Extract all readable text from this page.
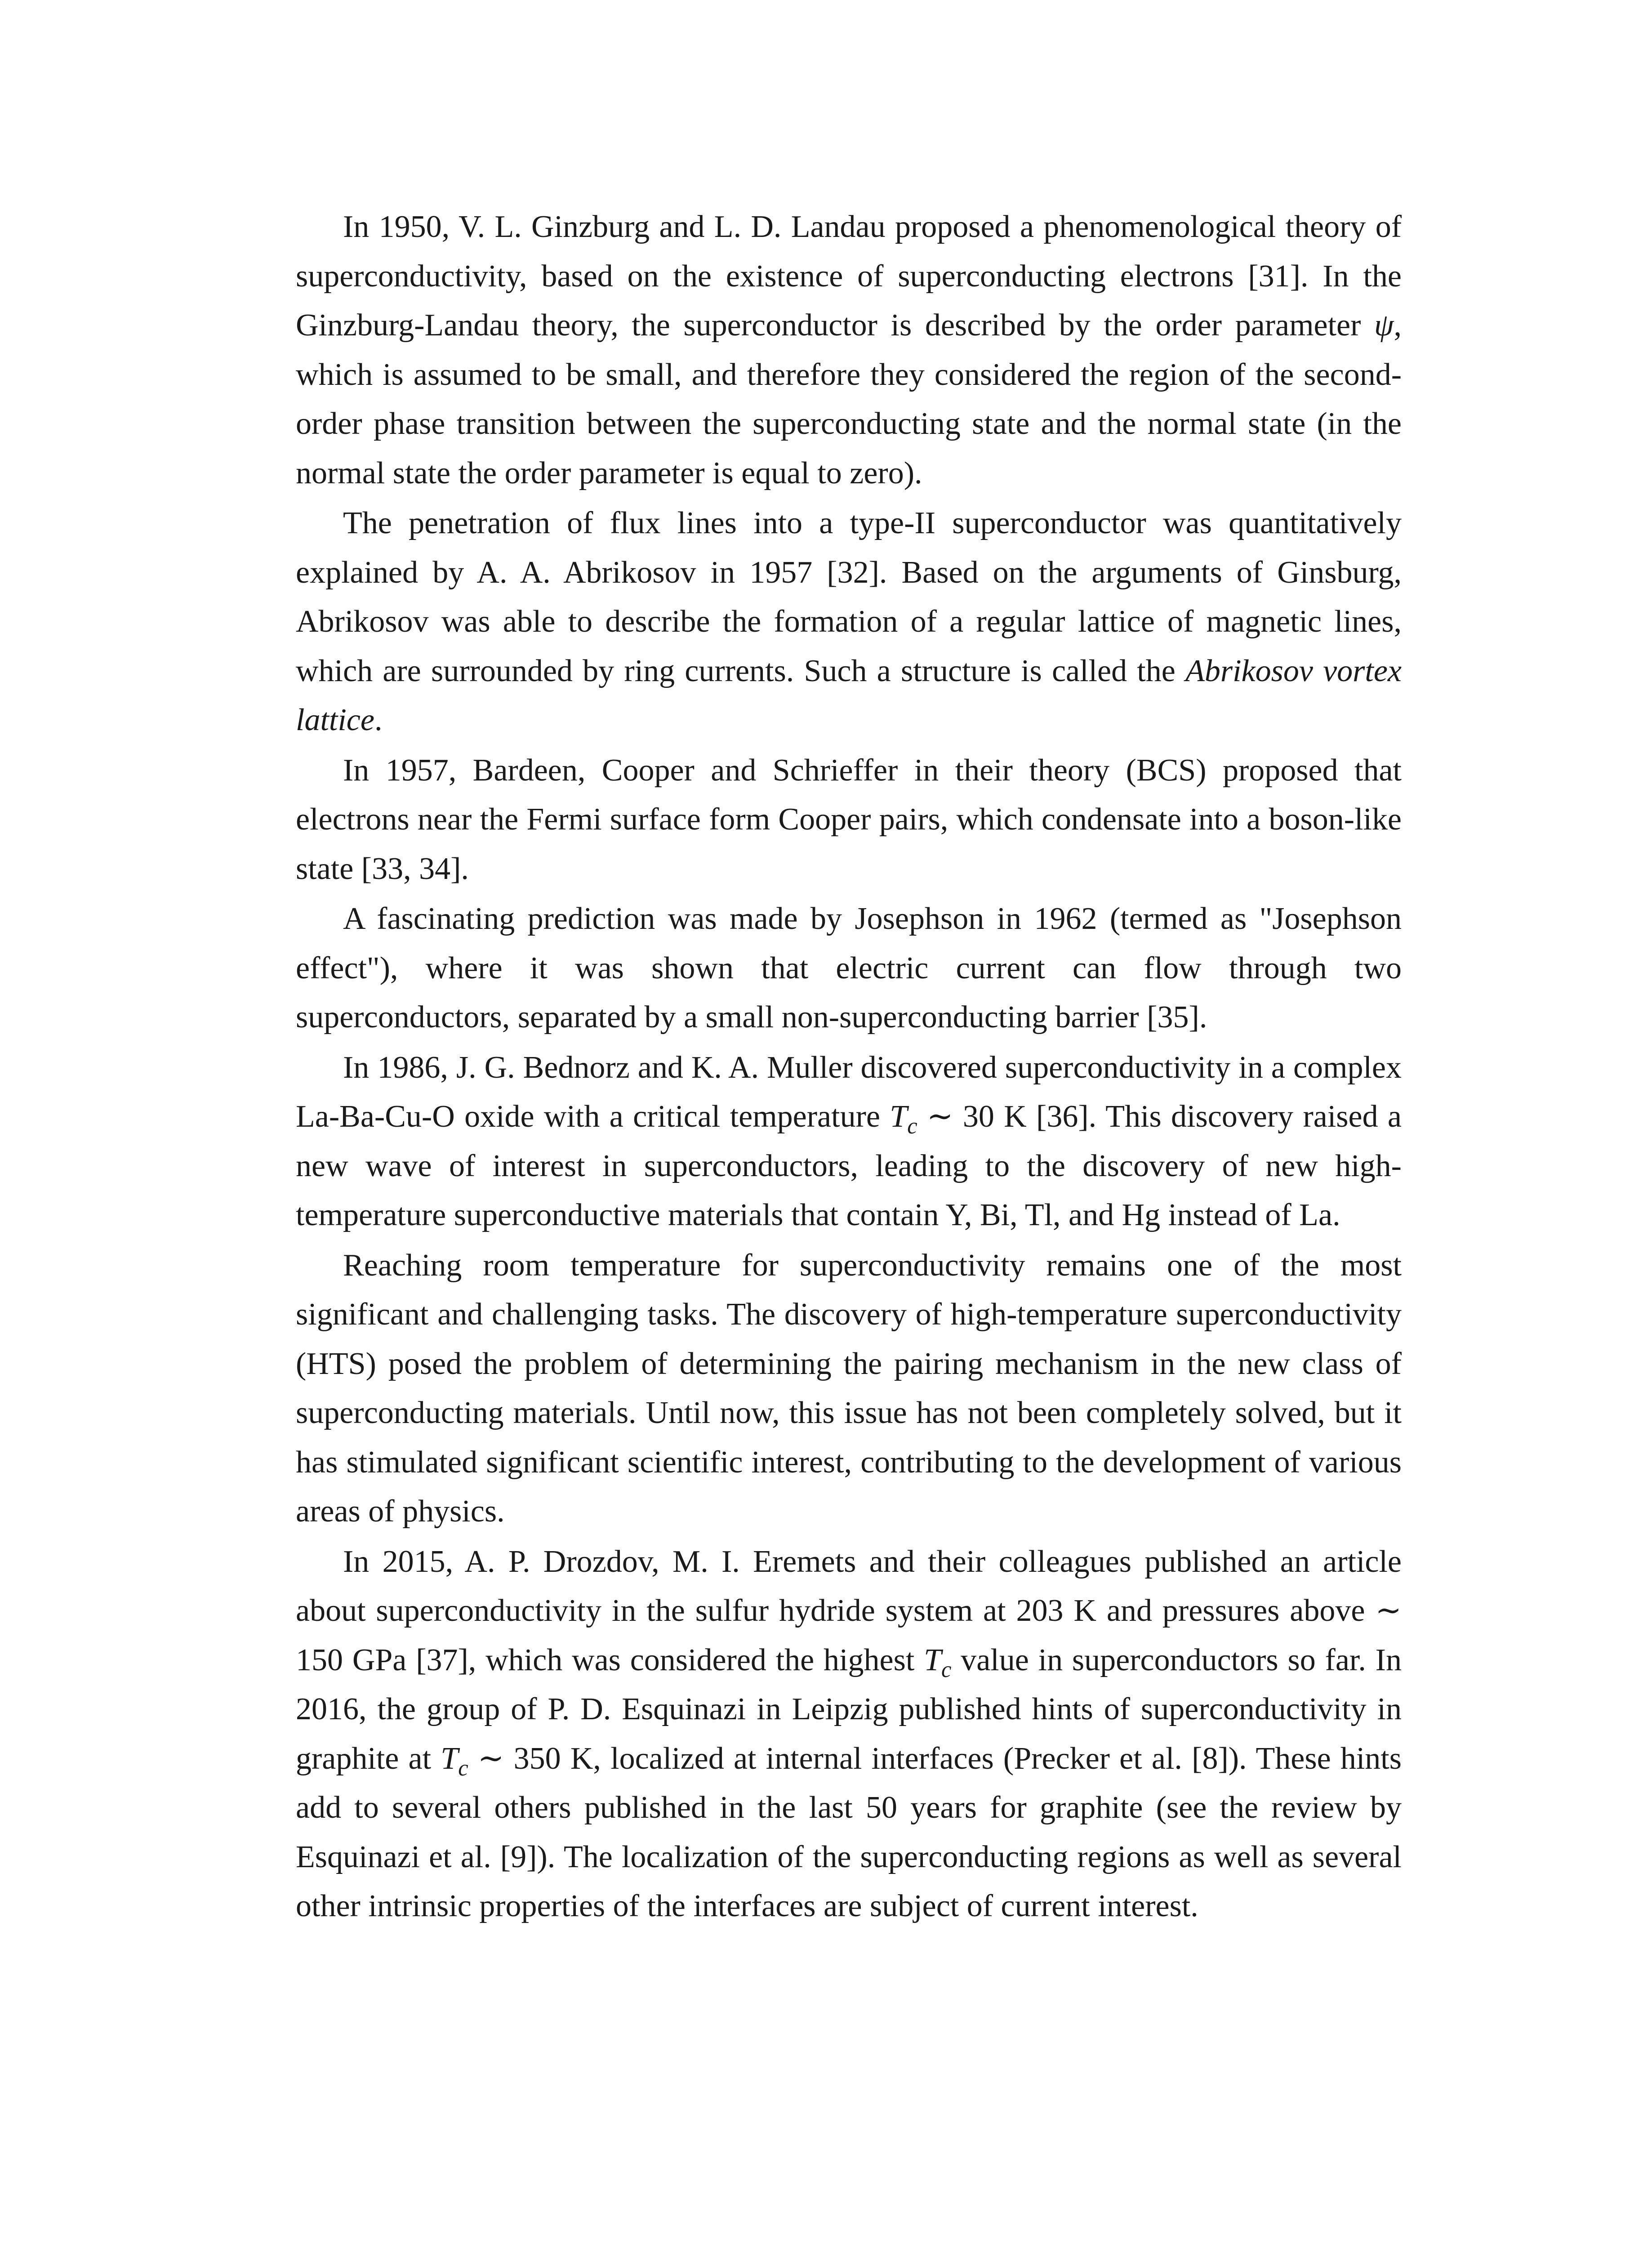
In 1950, V. L. Ginzburg and L. D. Landau proposed a phenomenological theory of superconductivity, based on the existence of superconducting electrons [31]. In the Ginzburg-Landau theory, the superconductor is described by the order parameter ψ, which is assumed to be small, and therefore they considered the region of the second-order phase transition between the superconducting state and the normal state (in the normal state the order parameter is equal to zero).

The penetration of flux lines into a type-II superconductor was quantitatively explained by A. A. Abrikosov in 1957 [32]. Based on the arguments of Ginsburg, Abrikosov was able to describe the formation of a regular lattice of magnetic lines, which are surrounded by ring currents. Such a structure is called the Abrikosov vortex lattice.

In 1957, Bardeen, Cooper and Schrieffer in their theory (BCS) proposed that electrons near the Fermi surface form Cooper pairs, which condensate into a boson-like state [33, 34].

A fascinating prediction was made by Josephson in 1962 (termed as "Josephson effect"), where it was shown that electric current can flow through two superconductors, separated by a small non-superconducting barrier [35].

In 1986, J. G. Bednorz and K. A. Muller discovered superconductivity in a complex La-Ba-Cu-O oxide with a critical temperature $T_c$ ∼ 30 K [36]. This discovery raised a new wave of interest in superconductors, leading to the discovery of new high-temperature superconductive materials that contain Y, Bi, Tl, and Hg instead of La.

Reaching room temperature for superconductivity remains one of the most significant and challenging tasks. The discovery of high-temperature superconductivity (HTS) posed the problem of determining the pairing mechanism in the new class of superconducting materials. Until now, this issue has not been completely solved, but it has stimulated significant scientific interest, contributing to the development of various areas of physics.

In 2015, A. P. Drozdov, M. I. Eremets and their colleagues published an article about superconductivity in the sulfur hydride system at 203 K and pressures above ∼ 150 GPa [37], which was considered the highest $T_c$ value in superconductors so far. In 2016, the group of P. D. Esquinazi in Leipzig published hints of superconductivity in graphite at $T_c$ ∼ 350 K, localized at internal interfaces (Precker et al. [8]). These hints add to several others published in the last 50 years for graphite (see the review by Esquinazi et al. [9]). The localization of the superconducting regions as well as several other intrinsic properties of the interfaces are subject of current interest.
